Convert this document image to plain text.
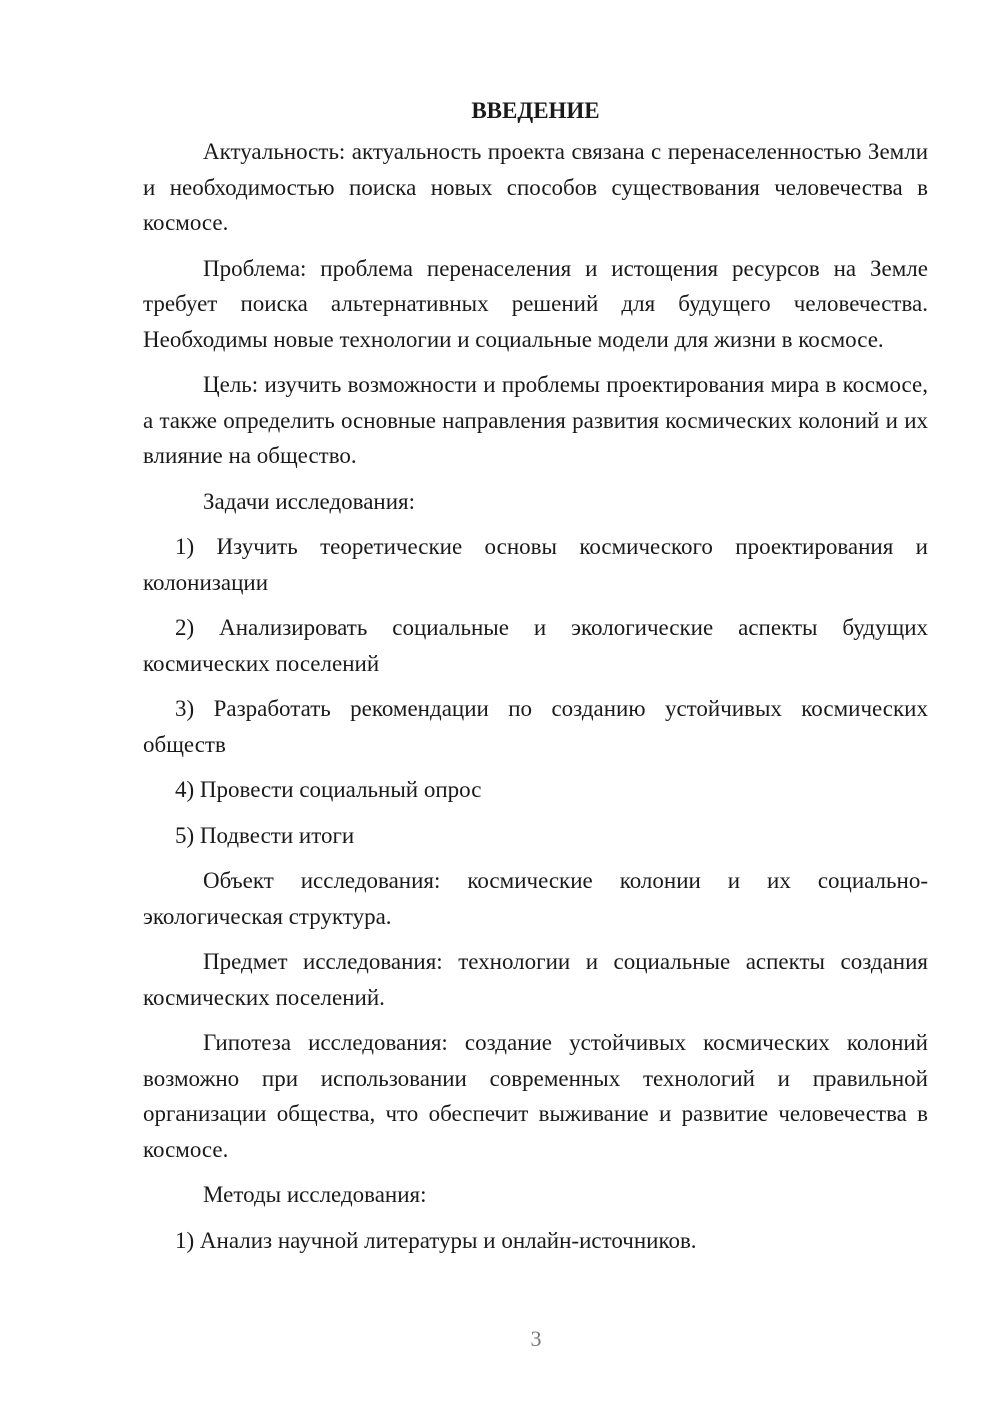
ВВЕДЕНИЕ

Актуальность: актуальность проекта связана с перенаселенностью Земли и необходимостью поиска новых способов существования человечества в космосе.

Проблема: проблема перенаселения и истощения ресурсов на Земле требует поиска альтернативных решений для будущего человечества. Необходимы новые технологии и социальные модели для жизни в космосе.

Цель: изучить возможности и проблемы проектирования мира в космосе, а также определить основные направления развития космических колоний и их влияние на общество.

Задачи исследования:

1) Изучить теоретические основы космического проектирования и колонизации

2) Анализировать социальные и экологические аспекты будущих космических поселений

3) Разработать рекомендации по созданию устойчивых космических обществ

4) Провести социальный опрос

5) Подвести итоги

Объект исследования: космические колонии и их социально-экологическая структура.

Предмет исследования: технологии и социальные аспекты создания космических поселений.

Гипотеза исследования: создание устойчивых космических колоний возможно при использовании современных технологий и правильной организации общества, что обеспечит выживание и развитие человечества в космосе.

Методы исследования:

1) Анализ научной литературы и онлайн-источников.

3
